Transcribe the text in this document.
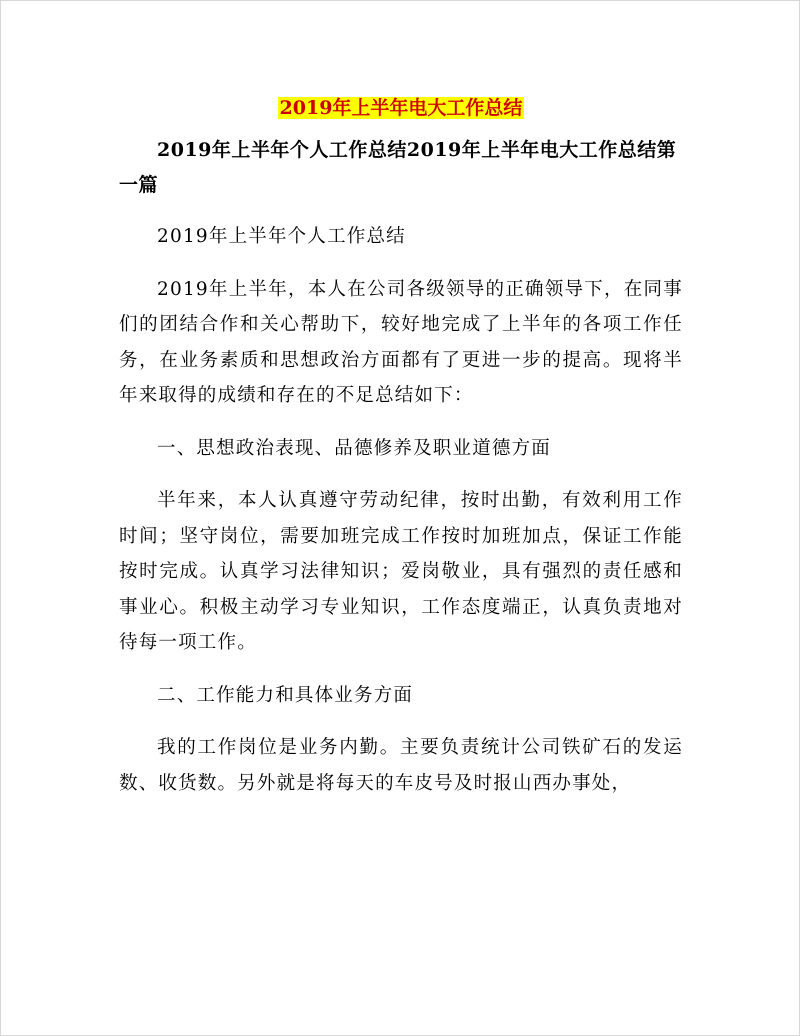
2019年上半年电大工作总结
2019年上半年个人工作总结2019年上半年电大工作总结第一篇
2019年上半年个人工作总结
2019年上半年，本人在公司各级领导的正确领导下，在同事们的团结合作和关心帮助下，较好地完成了上半年的各项工作任务，在业务素质和思想政治方面都有了更进一步的提高。现将半年来取得的成绩和存在的不足总结如下：
一、思想政治表现、品德修养及职业道德方面
半年来，本人认真遵守劳动纪律，按时出勤，有效利用工作时间；坚守岗位，需要加班完成工作按时加班加点，保证工作能按时完成。认真学习法律知识；爱岗敬业，具有强烈的责任感和事业心。积极主动学习专业知识，工作态度端正，认真负责地对待每一项工作。
二、工作能力和具体业务方面
我的工作岗位是业务内勤。主要负责统计公司铁矿石的发运数、收货数。另外就是将每天的车皮号及时报山西办事处，
